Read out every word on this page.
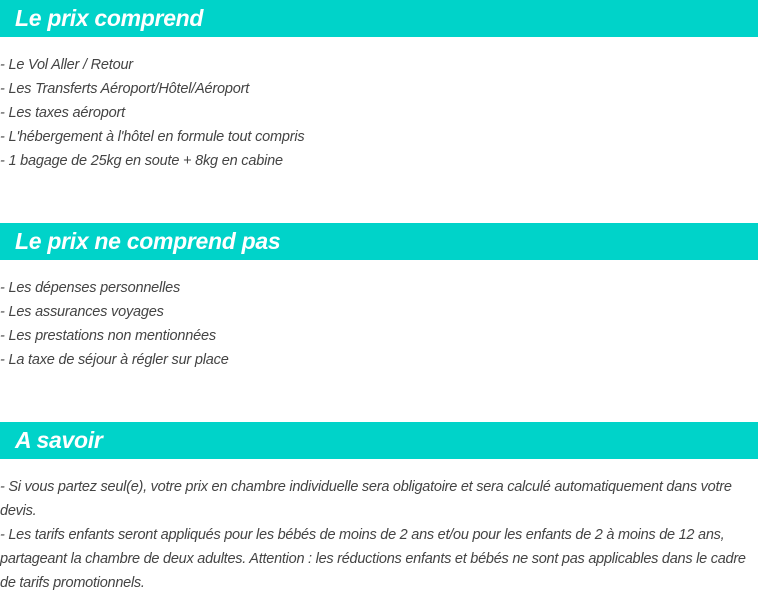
Le prix comprend
- Le Vol Aller / Retour
- Les Transferts Aéroport/Hôtel/Aéroport
- Les taxes aéroport
- L'hébergement à l'hôtel en formule tout compris
- 1 bagage de 25kg en soute + 8kg en cabine
Le prix ne comprend pas
- Les dépenses personnelles
- Les assurances voyages
- Les prestations non mentionnées
- La taxe de séjour à régler sur place
A savoir

- Si vous partez seul(e), votre prix en chambre individuelle sera obligatoire et sera calculé automatiquement dans votre devis.

- Les tarifs enfants seront appliqués pour les bébés de moins de 2 ans et/ou pour les enfants de 2 à moins de 12 ans, partageant la chambre de deux adultes. Attention : les réductions enfants et bébés ne sont pas applicables dans le cadre de tarifs promotionnels.
